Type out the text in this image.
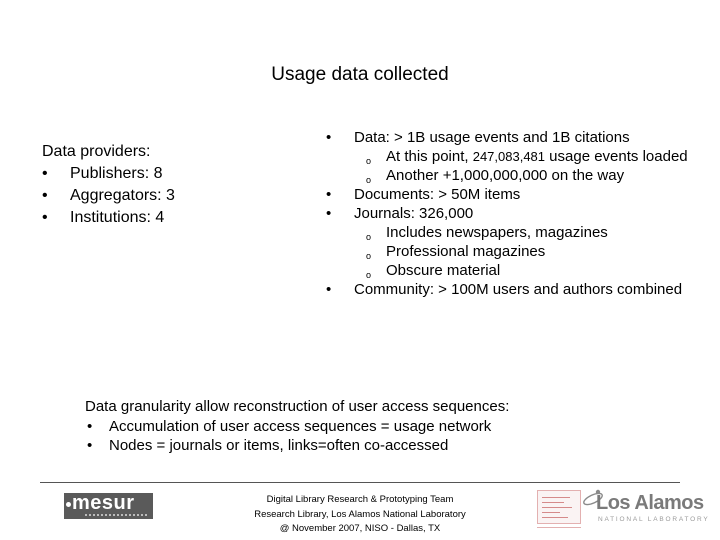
Usage data collected
Data providers:
• Publishers: 8
• Aggregators: 3
• Institutions: 4
• Data: > 1B usage events and 1B citations
o At this point, 247,083,481 usage events loaded
o Another +1,000,000,000 on the way
• Documents: > 50M items
• Journals: 326,000
o Includes newspapers, magazines
o Professional magazines
o Obscure material
• Community: > 100M users and authors combined
Data granularity allow reconstruction of user access sequences:
• Accumulation of user access sequences = usage network
• Nodes = journals or items, links=often co-accessed
mesur	Digital Library Research & Prototyping Team
Research Library, Los Alamos National Laboratory
@ November 2007, NISO - Dallas, TX
Los Alamos
NATIONAL LABORATORY
